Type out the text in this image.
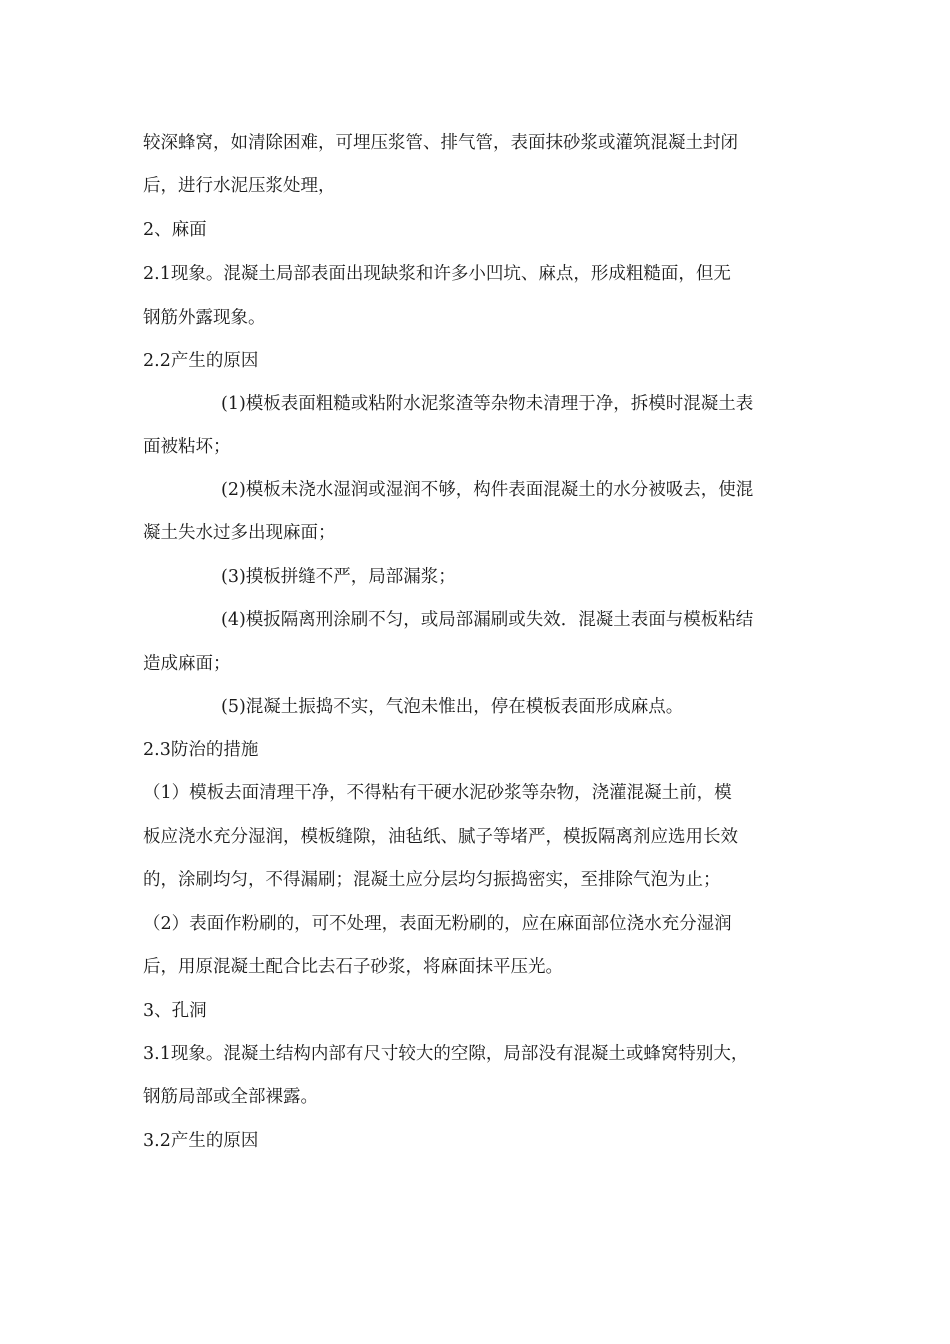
较深蜂窝，如清除困难，可埋压浆管、排气管，表面抹砂浆或灌筑混凝土封闭
后，进行水泥压浆处理，
2、麻面
2.1现象。混凝土局部表面出现缺浆和许多小凹坑、麻点，形成粗糙面，但无
钢筋外露现象。
2.2产生的原因
(1)模板表面粗糙或粘附水泥浆渣等杂物未清理于净，拆模时混凝土表
面被粘坏；
(2)模板未浇水湿润或湿润不够，构件表面混凝土的水分被吸去，使混
凝土失水过多出现麻面；
(3)摸板拼缝不严，局部漏浆；
(4)模扳隔离刑涂刷不匀，或局部漏刷或失效．混凝土表面与模板粘结
造成麻面；
(5)混凝土振捣不实，气泡未惟出，停在模板表面形成麻点。
2.3防治的措施
（1）模板去面清理干净，不得粘有干硬水泥砂浆等杂物，浇灌混凝土前，模
板应浇水充分湿润，模板缝隙，油毡纸、腻子等堵严，模扳隔离剂应选用长效
的，涂刷均匀，不得漏刷；混凝土应分层均匀振捣密实，至排除气泡为止；
（2）表面作粉刷的，可不处理，表面无粉刷的，应在麻面部位浇水充分湿润
后，用原混凝土配合比去石子砂浆，将麻面抹平压光。
3、孔洞
3.1现象。混凝土结构内部有尺寸较大的空隙，局部没有混凝土或蜂窝特别大，
钢筋局部或全部裸露。
3.2产生的原因
